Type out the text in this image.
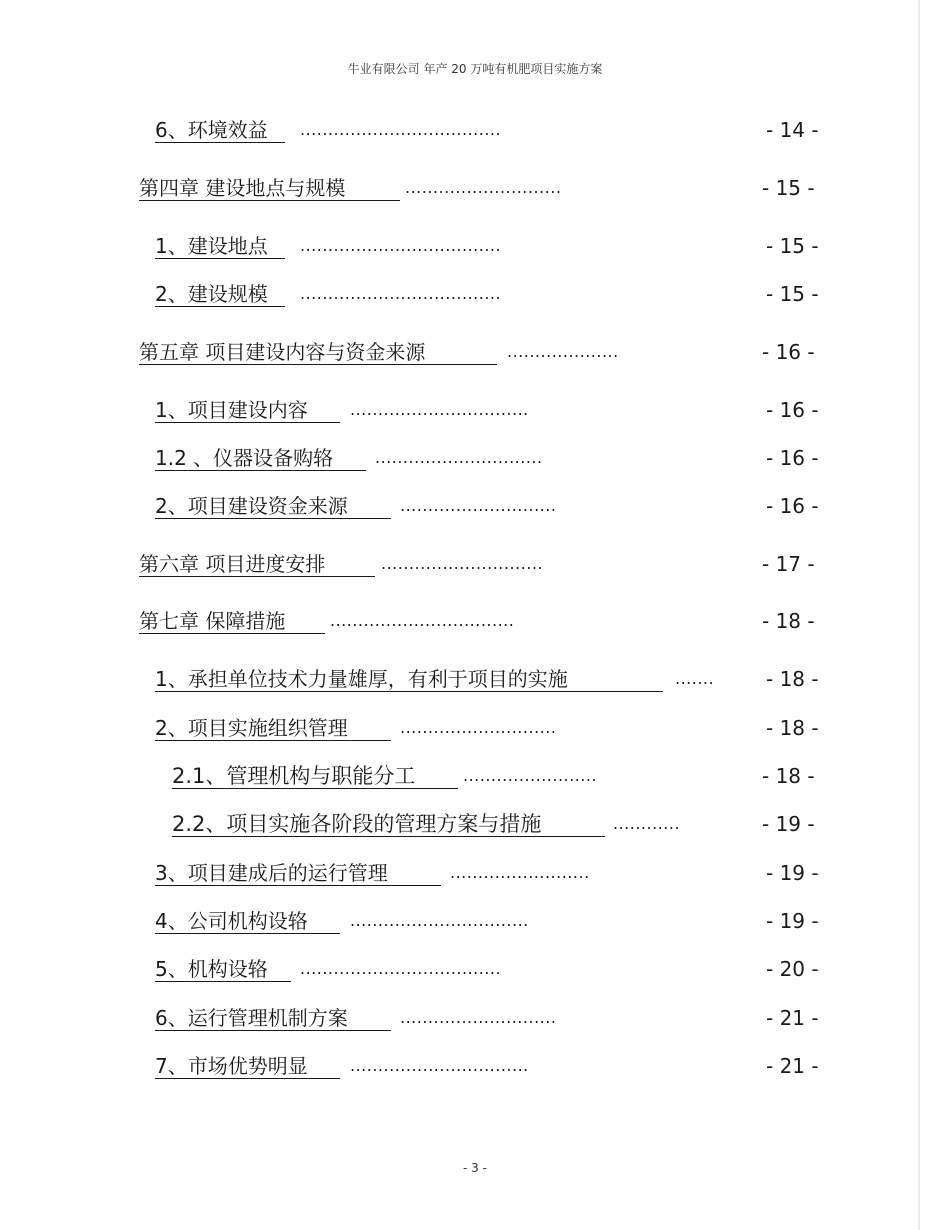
牛业有限公司 年产 20 万吨有机肥项目实施方案
6、环境效益	....................................	- 14 -
第四章 建设地点与规模	............................	- 15 -
1、建设地点	....................................	- 15 -
2、建设规模	....................................	- 15 -
第五章 项目建设内容与资金来源	....................	- 16 -
1、项目建设内容	................................	- 16 -
1.2 、仪器设备购辂	..............................	- 16 -
2、项目建设资金来源	............................	- 16 -
第六章 项目进度安排	.............................	- 17 -
第七章 保障措施	.................................	- 18 -
1、承担单位技术力量雄厚，有利于项目的实施	.......	- 18 -
2、项目实施组织管理	............................	- 18 -
2.1、管理机构与职能分工	........................	- 18 -
2.2、项目实施各阶段的管理方案与措施	............	- 19 -
3、项目建成后的运行管理	.........................	- 19 -
4、公司机构设辂	................................	- 19 -
5、机构设辂	....................................	- 20 -
6、运行管理机制方案	............................	- 21 -
7、市场优势明显	................................	- 21 -
- 3 -
